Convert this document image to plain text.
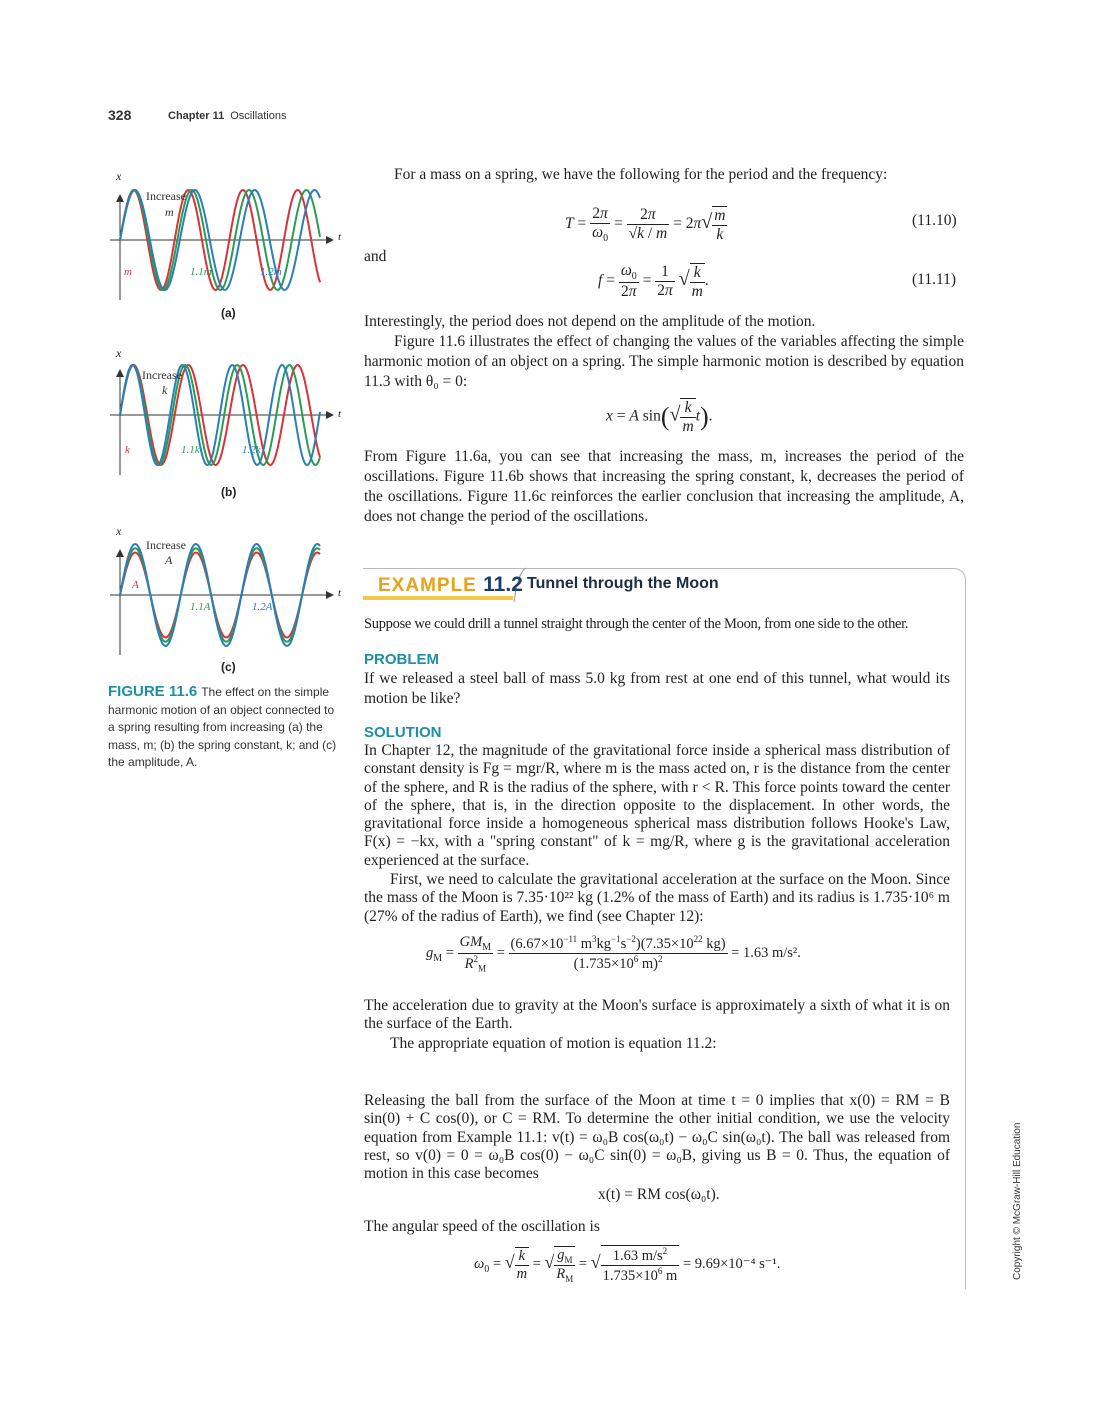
328	Chapter 11 Oscillations
x
t
Increase
m
m	1.1m	1.2m
(a)
x
t
Increase
k
k	1.1k	1.2k
(b)
x
t
Increase
A
A
1.1A	1.2A
(c)
FIGURE 11.6 The effect on the simple harmonic motion of an object connected to a spring resulting from increasing (a) the mass, m; (b) the spring constant, k; and (c) the amplitude, A.
For a mass on a spring, we have the following for the period and the frequency:
$T = \frac{2\pi}{\omega_0} = \frac{2\pi}{√k / m} = 2\pi√ \frac{m}{k}$	(11.10)
and
$f = \frac{\omega_0}{2\pi} = \frac{1}{2\pi}$ √ $\frac{k}{m}$ .	(11.11)
Interestingly, the period does not depend on the amplitude of the motion.
Figure 11.6 illustrates the effect of changing the values of the variables affecting the simple harmonic motion of an object on a spring. The simple harmonic motion is described by equation 11.3 with θ₀ = 0:
x = A $\sin(√ \frac{k}{m} t)$.
From Figure 11.6a, you can see that increasing the mass, m, increases the period of the oscillations. Figure 11.6b shows that increasing the spring constant, k, decreases the period of the oscillations. Figure 11.6c reinforces the earlier conclusion that increasing the amplitude, A, does not change the period of the oscillations.
EXAMPLE 11.2 Tunnel through the Moon
Suppose we could drill a tunnel straight through the center of the Moon, from one side to the other.
PROBLEM
If we released a steel ball of mass 5.0 kg from rest at one end of this tunnel, what would its motion be like?
SOLUTION
In Chapter 12, the magnitude of the gravitational force inside a spherical mass distribution of constant density is Fg = mgr/R, where m is the mass acted on, r is the distance from the center of the sphere, and R is the radius of the sphere, with r < R. This force points toward the center of the sphere, that is, in the direction opposite to the displacement. In other words, the gravitational force inside a homogeneous spherical mass distribution follows Hooke's Law, F(x) = −kx, with a "spring constant" of k = mg/R, where g is the gravitational acceleration experienced at the surface.
First, we need to calculate the gravitational acceleration at the surface on the Moon. Since the mass of the Moon is 7.35·10²² kg (1.2% of the mass of Earth) and its radius is 1.735·10⁶ m (27% of the radius of Earth), we find (see Chapter 12):
$g_M = \frac{GM_M}{R^2_M} = \frac{(6.67\times 10^{-11} m^3kg^{-1}s^{-2})(7.35\times 10^{22} kg)}{(1.735\times 10^6 m)^2} = 1.63$ m/s².
The acceleration due to gravity at the Moon's surface is approximately a sixth of what it is on the surface of the Earth.
The appropriate equation of motion is equation 11.2:
Releasing the ball from the surface of the Moon at time t = 0 implies that x(0) = RM = B sin(0) + C cos(0), or C = RM. To determine the other initial condition, we use the velocity equation from Example 11.1: v(t) = ω₀B cos(ω₀t) − ω₀C sin(ω₀t). The ball was released from rest, so v(0) = 0 = ω₀B cos(0) − ω₀C sin(0) = ω₀B, giving us B = 0. Thus, the equation of motion in this case becomes
x(t) = RM cos(ω₀t).
The angular speed of the oscillation is
$\omega_0$ = √ $\frac{k}{m}$ = √ $\frac{g_M}{R_M}$ = √ $\frac{1.63 m/s^2}{1.735\times 10^6 m} = 9.69\times 10^{-4}$ s⁻¹.	Copyright © McGraw-Hill Education
